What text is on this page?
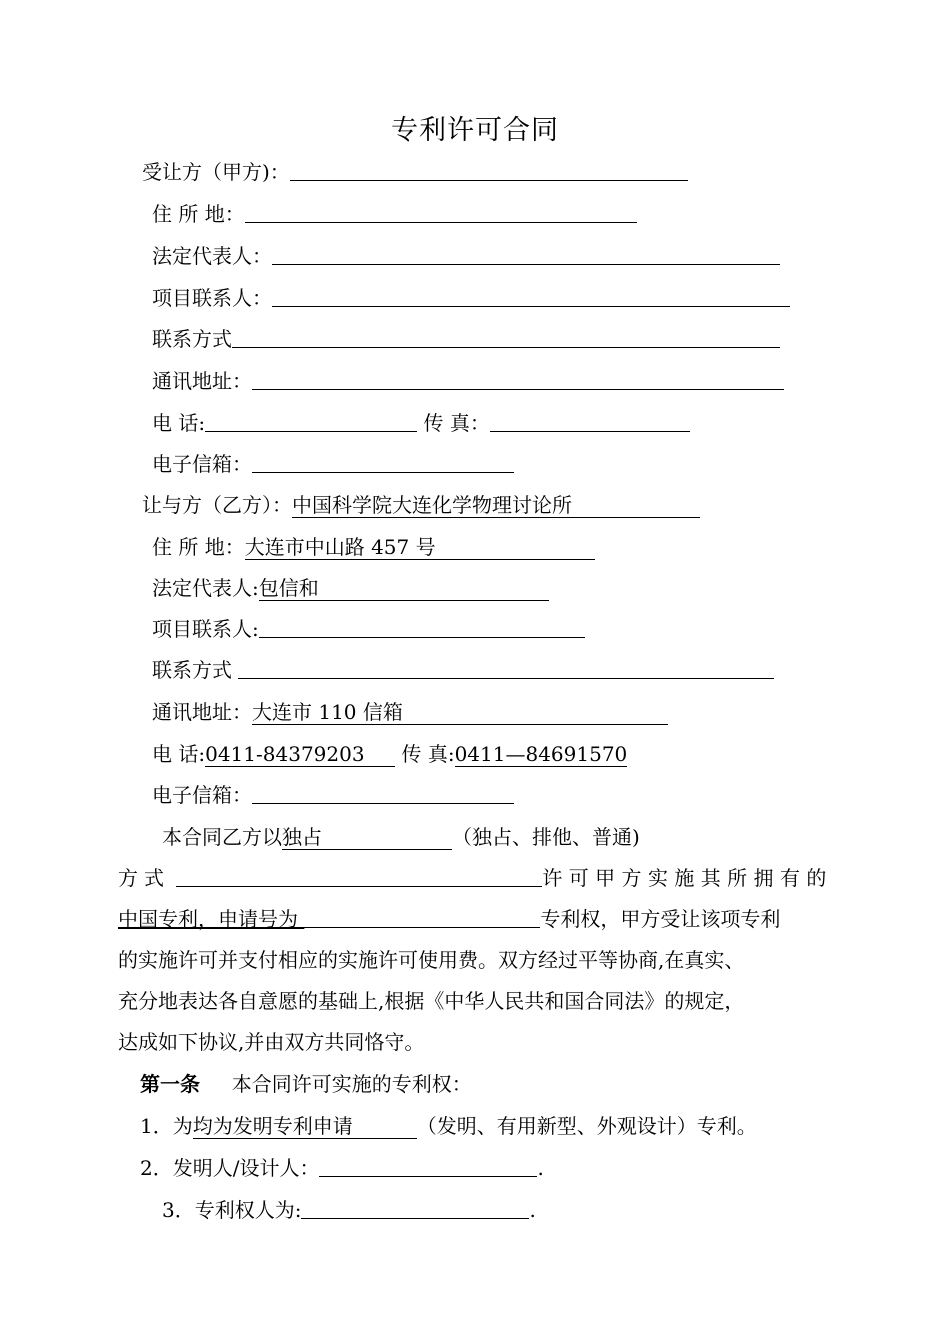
专利许可合同
受让方（甲方)：
住 所 地：
法定代表人：
项目联系人：
联系方式
通讯地址：
电 话:	传 真：
电子信箱：
让与方（乙方）：中国科学院大连化学物理讨论所
住 所 地：大连市中山路 457 号
法定代表人:包信和
项目联系人:
联系方式
通讯地址：大连市 110 信箱
电 话:0411-84379203 传 真:0411—84691570
电子信箱：
本合同乙方以独占	（独占、排他、普通)
方式	许可甲方实施其所拥有的
中国专利，申请号为	专利权，甲方受让该项专利
的实施许可并支付相应的实施许可使用费。双方经过平等协商,在真实、
充分地表达各自意愿的基础上,根据《中华人民共和国合同法》的规定，
达成如下协议,并由双方共同恪守。
第一条 本合同许可实施的专利权：
1．为均为发明专利申请	（发明、有用新型、外观设计）专利。
2．发明人/设计人：	.
3．专利权人为:	.
